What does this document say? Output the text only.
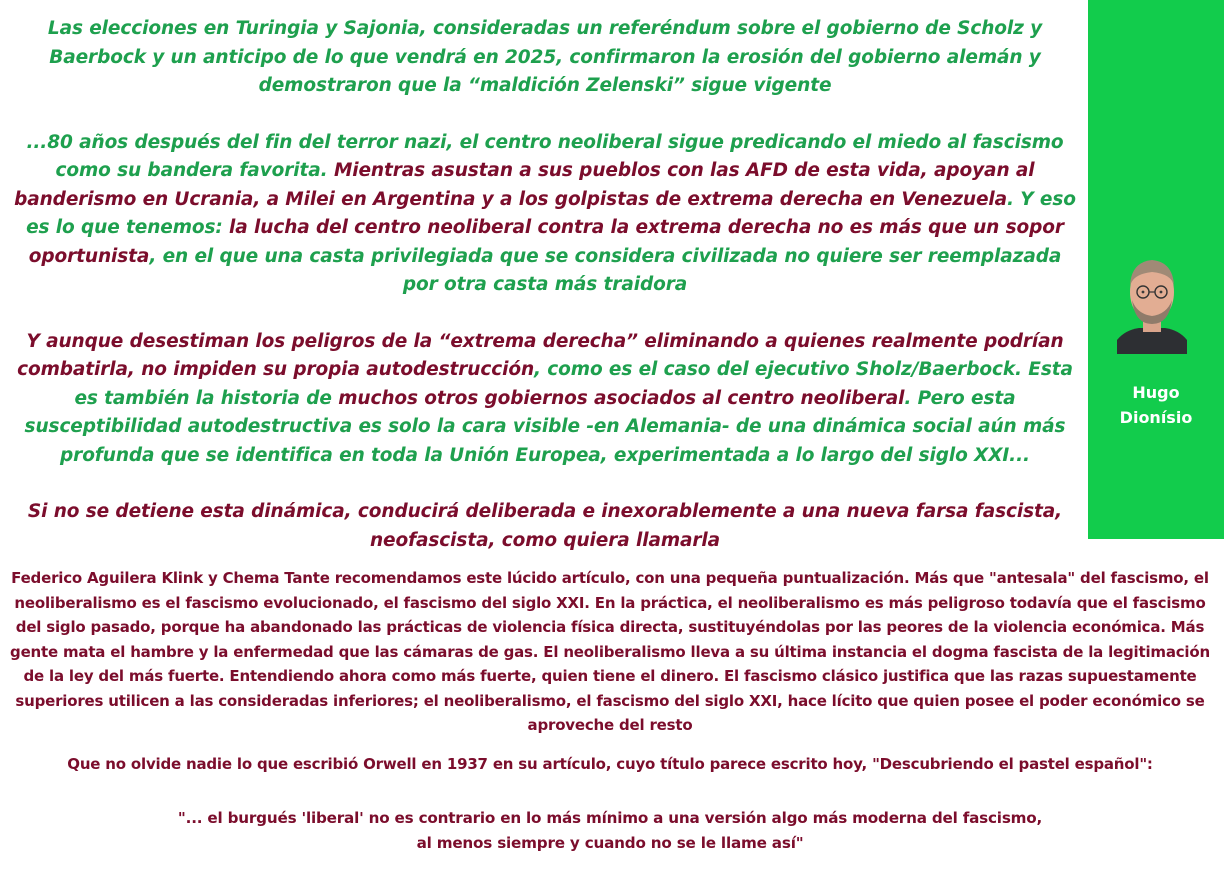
Las elecciones en Turingia y Sajonia, consideradas un referéndum sobre el gobierno de Scholz y Baerbock y un anticipo de lo que vendrá en 2025, confirmaron la erosión del gobierno alemán y demostraron que la “maldición Zelenski” sigue vigente

...80 años después del fin del terror nazi, el centro neoliberal sigue predicando el miedo al fascismo como su bandera favorita. Mientras asustan a sus pueblos con las AFD de esta vida, apoyan al banderismo en Ucrania, a Milei en Argentina y a los golpistas de extrema derecha en Venezuela. Y eso es lo que tenemos: la lucha del centro neoliberal contra la extrema derecha no es más que un sopor oportunista, en el que una casta privilegiada que se considera civilizada no quiere ser reemplazada por otra casta más traidora

Y aunque desestiman los peligros de la “extrema derecha” eliminando a quienes realmente podrían combatirla, no impiden su propia autodestrucción, como es el caso del ejecutivo Sholz/Baerbock. Esta es también la historia de muchos otros gobiernos asociados al centro neoliberal. Pero esta susceptibilidad autodestructiva es solo la cara visible -en Alemania- de una dinámica social aún más profunda que se identifica en toda la Unión Europea, experimentada a lo largo del siglo XXI...

Si no se detiene esta dinámica, conducirá deliberada e inexorablemente a una nueva farsa fascista, neofascista, como quiera llamarla

Hugo
Dionísio

Federico Aguilera Klink y Chema Tante recomendamos este lúcido artículo, con una pequeña puntualización. Más que "antesala" del fascismo, el neoliberalismo es el fascismo evolucionado, el fascismo del siglo XXI. En la práctica, el neoliberalismo es más peligroso todavía que el fascismo del siglo pasado, porque ha abandonado las prácticas de violencia física directa, sustituyéndolas por las peores de la violencia económica. Más gente mata el hambre y la enfermedad que las cámaras de gas. El neoliberalismo lleva a su última instancia el dogma fascista de la legitimación de la ley del más fuerte. Entendiendo ahora como más fuerte, quien tiene el dinero. El fascismo clásico justifica que las razas supuestamente superiores utilicen a las consideradas inferiores; el neoliberalismo, el fascismo del siglo XXI, hace lícito que quien posee el poder económico se aproveche del resto

Que no olvide nadie lo que escribió Orwell en 1937 en su artículo, cuyo título parece escrito hoy, "Descubriendo el pastel español":

"... el burgués 'liberal' no es contrario en lo más mínimo a una versión algo más moderna del fascismo,
al menos siempre y cuando no se le llame así"
